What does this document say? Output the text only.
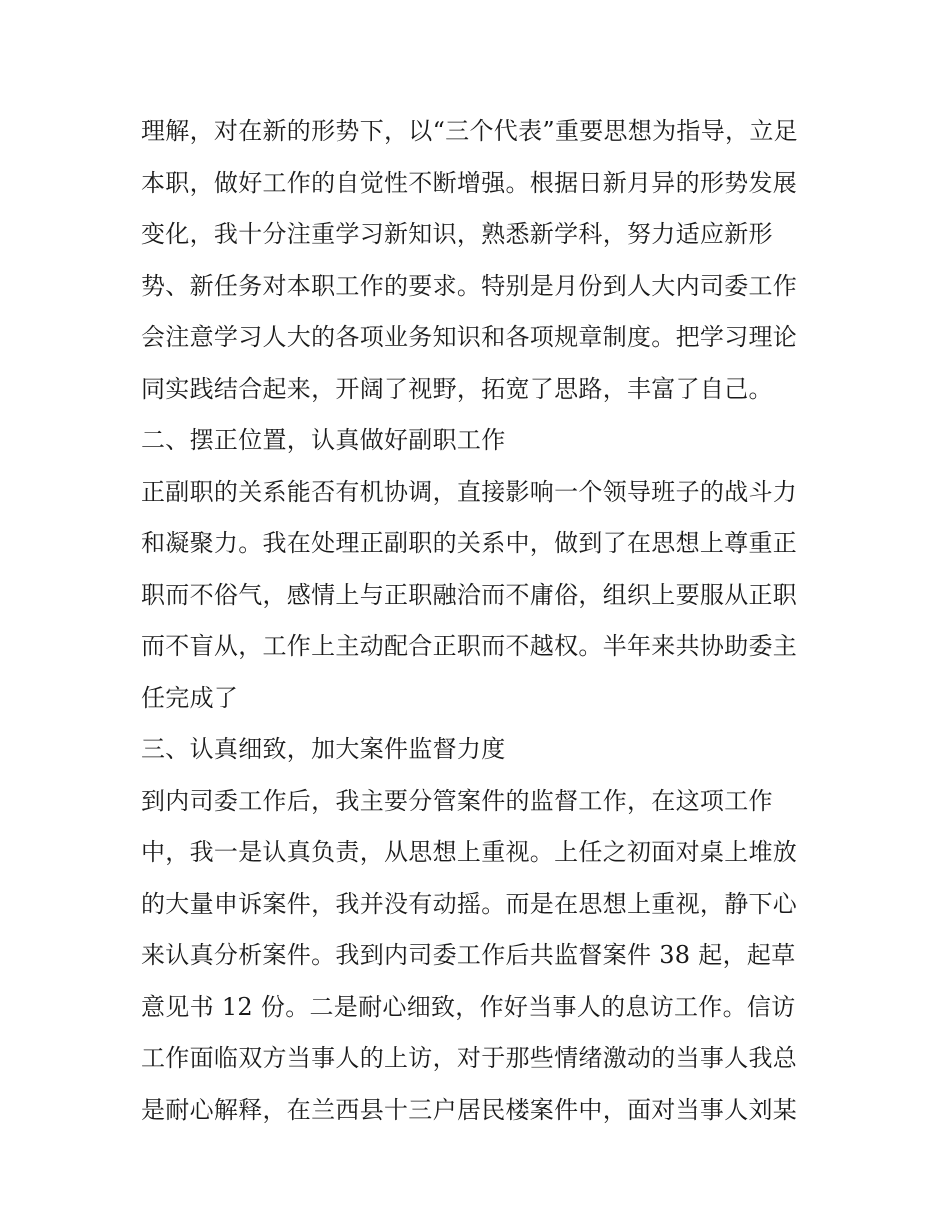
理解，对在新的形势下，以“三个代表”重要思想为指导，立足
本职，做好工作的自觉性不断增强。根据日新月异的形势发展
变化，我十分注重学习新知识，熟悉新学科，努力适应新形
势、新任务对本职工作的要求。特别是月份到人大内司委工作
会注意学习人大的各项业务知识和各项规章制度。把学习理论
同实践结合起来，开阔了视野，拓宽了思路，丰富了自己。
二、摆正位置，认真做好副职工作
正副职的关系能否有机协调，直接影响一个领导班子的战斗力
和凝聚力。我在处理正副职的关系中，做到了在思想上尊重正
职而不俗气，感情上与正职融洽而不庸俗，组织上要服从正职
而不盲从，工作上主动配合正职而不越权。半年来共协助委主
任完成了
三、认真细致，加大案件监督力度
到内司委工作后，我主要分管案件的监督工作，在这项工作
中，我一是认真负责，从思想上重视。上任之初面对桌上堆放
的大量申诉案件，我并没有动摇。而是在思想上重视，静下心
来认真分析案件。我到内司委工作后共监督案件 38 起，起草
意见书 12 份。二是耐心细致，作好当事人的息访工作。信访
工作面临双方当事人的上访，对于那些情绪激动的当事人我总
是耐心解释，在兰西县十三户居民楼案件中，面对当事人刘某
